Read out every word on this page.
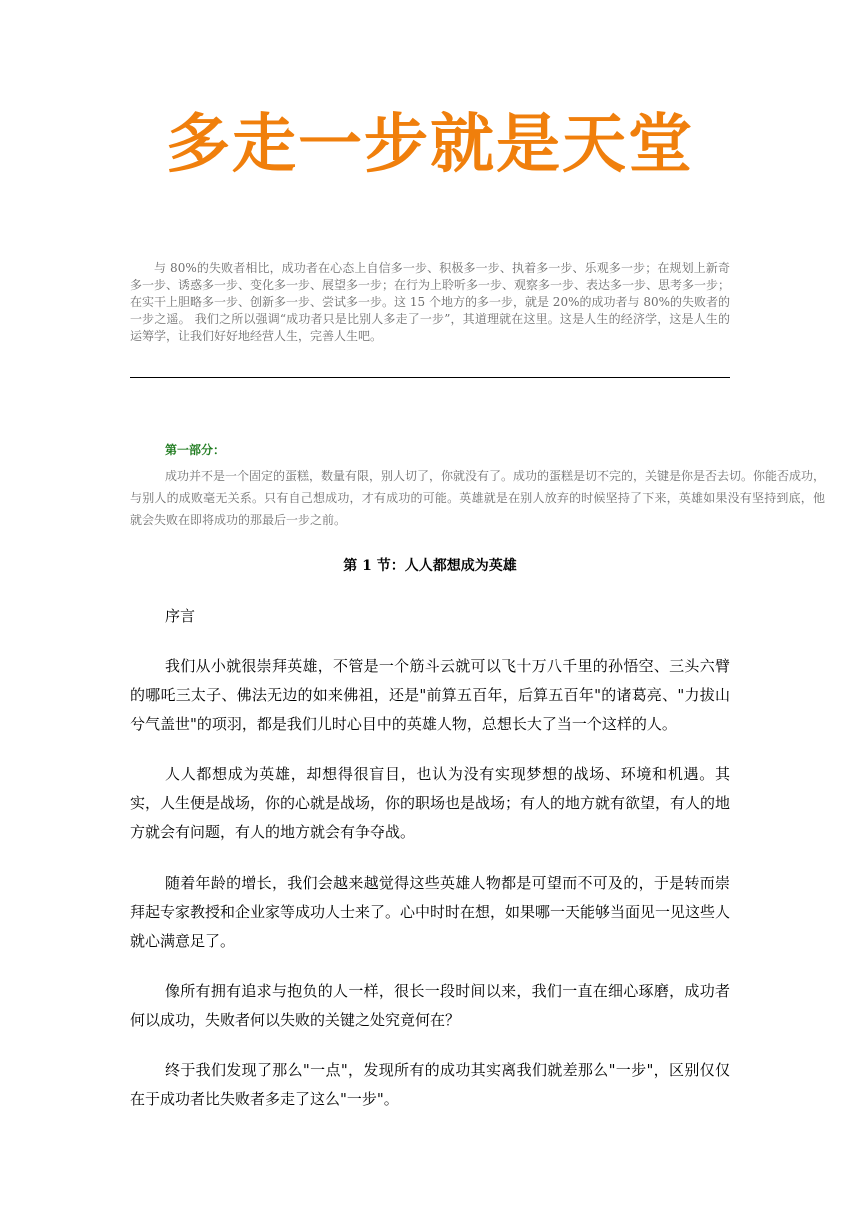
多走一步就是天堂

与 80%的失败者相比，成功者在心态上自信多一步、积极多一步、执着多一步、乐观多一步；在规划上新奇多一步、诱惑多一步、变化多一步、展望多一步；在行为上聆听多一步、观察多一步、表达多一步、思考多一步；在实干上胆略多一步、创新多一步、尝试多一步。这 15 个地方的多一步，就是 20%的成功者与 80%的失败者的一步之遥。 我们之所以强调“成功者只是比别人多走了一步”，其道理就在这里。这是人生的经济学，这是人生的运筹学，让我们好好地经营人生，完善人生吧。

第一部分：

成功并不是一个固定的蛋糕，数量有限，别人切了，你就没有了。成功的蛋糕是切不完的，关键是你是否去切。你能否成功，与别人的成败毫无关系。只有自己想成功，才有成功的可能。英雄就是在别人放弃的时候坚持了下来，英雄如果没有坚持到底，他就会失败在即将成功的那最后一步之前。

第 1 节：人人都想成为英雄

序言

我们从小就很崇拜英雄，不管是一个筋斗云就可以飞十万八千里的孙悟空、三头六臂的哪吒三太子、佛法无边的如来佛祖，还是"前算五百年，后算五百年"的诸葛亮、"力拔山兮气盖世"的项羽，都是我们儿时心目中的英雄人物，总想长大了当一个这样的人。

人人都想成为英雄，却想得很盲目，也认为没有实现梦想的战场、环境和机遇。其实，人生便是战场，你的心就是战场，你的职场也是战场；有人的地方就有欲望，有人的地方就会有问题，有人的地方就会有争夺战。

随着年龄的增长，我们会越来越觉得这些英雄人物都是可望而不可及的，于是转而崇拜起专家教授和企业家等成功人士来了。心中时时在想，如果哪一天能够当面见一见这些人就心满意足了。

像所有拥有追求与抱负的人一样，很长一段时间以来，我们一直在细心琢磨，成功者何以成功，失败者何以失败的关键之处究竟何在？

终于我们发现了那么"一点"，发现所有的成功其实离我们就差那么"一步"，区别仅仅在于成功者比失败者多走了这么"一步"。
